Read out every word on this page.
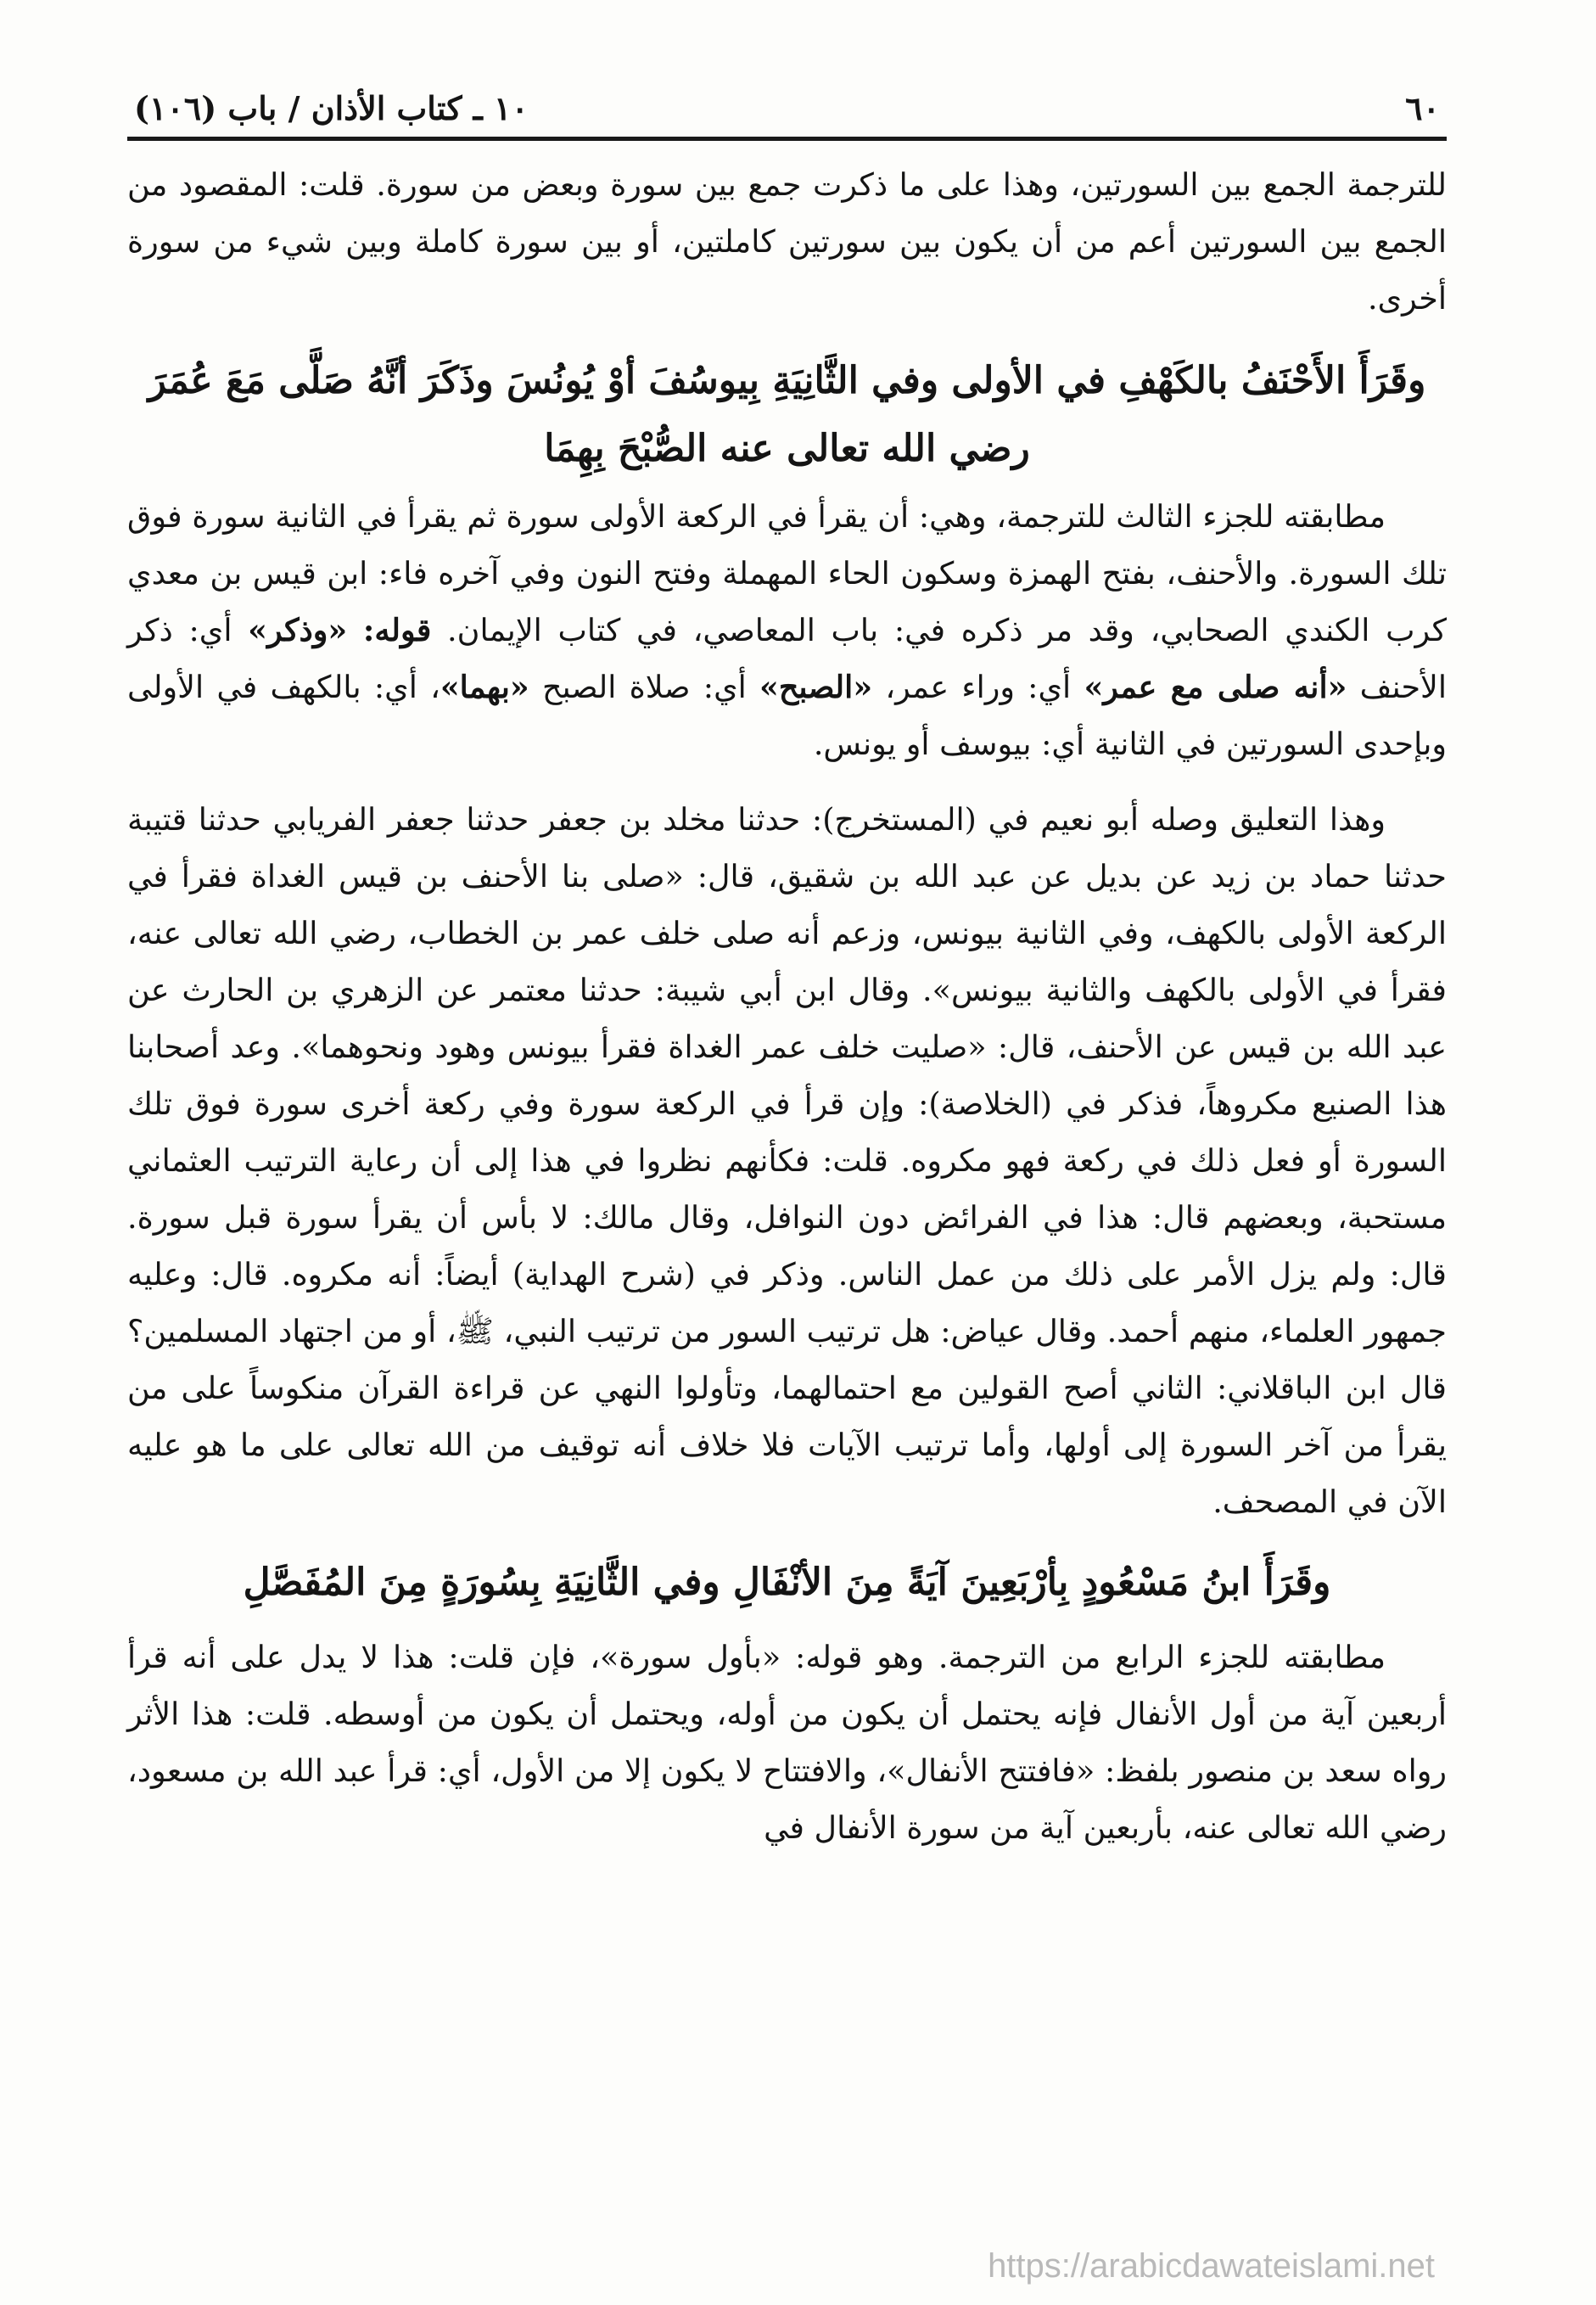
٦٠
١٠ ـ كتاب الأذان / باب (١٠٦)

للترجمة الجمع بين السورتين، وهذا على ما ذكرت جمع بين سورة وبعض من سورة. قلت: المقصود من الجمع بين السورتين أعم من أن يكون بين سورتين كاملتين، أو بين سورة كاملة وبين شيء من سورة أخرى.

وقَرَأَ الأَحْنَفُ بالكَهْفِ في الأولى وفي الثَّانِيَةِ بِيوسُفَ أوْ يُونُسَ وذَكَرَ أنَّهُ صَلَّى مَعَ عُمَرَ رضي الله تعالى عنه الصُّبْحَ بِهِمَا

مطابقته للجزء الثالث للترجمة، وهي: أن يقرأ في الركعة الأولى سورة ثم يقرأ في الثانية سورة فوق تلك السورة. والأحنف، بفتح الهمزة وسكون الحاء المهملة وفتح النون وفي آخره فاء: ابن قيس بن معدي كرب الكندي الصحابي، وقد مر ذكره في: باب المعاصي، في كتاب الإيمان. قوله: «وذكر» أي: ذكر الأحنف «أنه صلى مع عمر» أي: وراء عمر، «الصبح» أي: صلاة الصبح «بهما»، أي: بالكهف في الأولى وبإحدى السورتين في الثانية أي: بيوسف أو يونس.

وهذا التعليق وصله أبو نعيم في (المستخرج): حدثنا مخلد بن جعفر حدثنا جعفر الفريابي حدثنا قتيبة حدثنا حماد بن زيد عن بديل عن عبد الله بن شقيق، قال: «صلى بنا الأحنف بن قيس الغداة فقرأ في الركعة الأولى بالكهف، وفي الثانية بيونس، وزعم أنه صلى خلف عمر بن الخطاب، رضي الله تعالى عنه، فقرأ في الأولى بالكهف والثانية بيونس». وقال ابن أبي شيبة: حدثنا معتمر عن الزهري بن الحارث عن عبد الله بن قيس عن الأحنف، قال: «صليت خلف عمر الغداة فقرأ بيونس وهود ونحوهما». وعد أصحابنا هذا الصنيع مكروهاً، فذكر في (الخلاصة): وإن قرأ في الركعة سورة وفي ركعة أخرى سورة فوق تلك السورة أو فعل ذلك في ركعة فهو مكروه. قلت: فكأنهم نظروا في هذا إلى أن رعاية الترتيب العثماني مستحبة، وبعضهم قال: هذا في الفرائض دون النوافل، وقال مالك: لا بأس أن يقرأ سورة قبل سورة. قال: ولم يزل الأمر على ذلك من عمل الناس. وذكر في (شرح الهداية) أيضاً: أنه مكروه. قال: وعليه جمهور العلماء، منهم أحمد. وقال عياض: هل ترتيب السور من ترتيب النبي، ﷺ، أو من اجتهاد المسلمين؟ قال ابن الباقلاني: الثاني أصح القولين مع احتمالهما، وتأولوا النهي عن قراءة القرآن منكوساً على من يقرأ من آخر السورة إلى أولها، وأما ترتيب الآيات فلا خلاف أنه توقيف من الله تعالى على ما هو عليه الآن في المصحف.

وقَرَأَ ابنُ مَسْعُودٍ بِأرْبَعِينَ آيَةً مِنَ الأنْفَالِ وفي الثَّانِيَةِ بِسُورَةٍ مِنَ المُفَصَّلِ

مطابقته للجزء الرابع من الترجمة. وهو قوله: «بأول سورة»، فإن قلت: هذا لا يدل على أنه قرأ أربعين آية من أول الأنفال فإنه يحتمل أن يكون من أوله، ويحتمل أن يكون من أوسطه. قلت: هذا الأثر رواه سعد بن منصور بلفظ: «فافتتح الأنفال»، والافتتاح لا يكون إلا من الأول، أي: قرأ عبد الله بن مسعود، رضي الله تعالى عنه، بأربعين آية من سورة الأنفال في

https://arabicdawateislami.net
